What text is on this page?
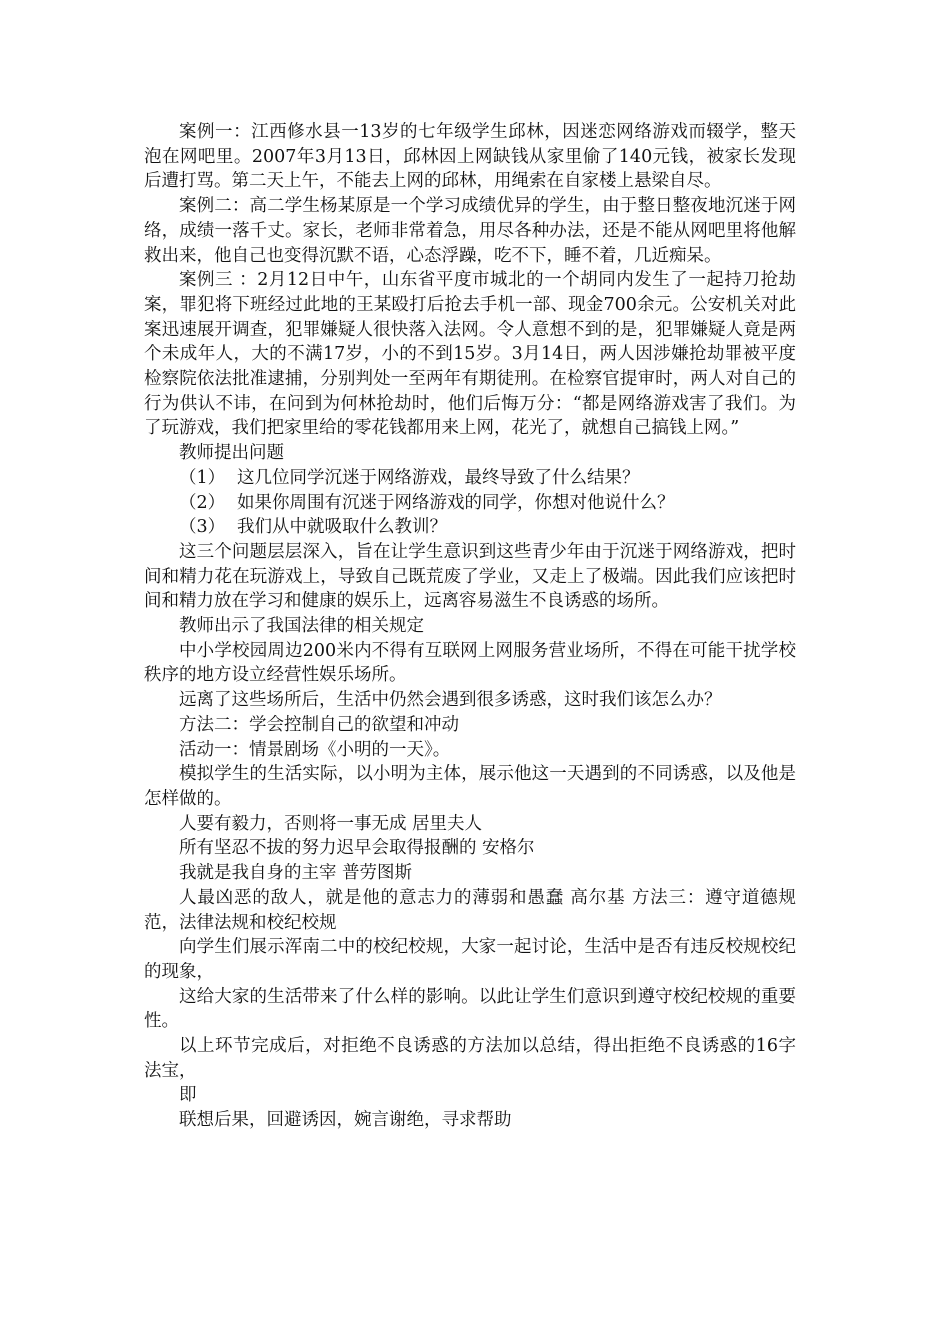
案例一：江西修水县一13岁的七年级学生邱林，因迷恋网络游戏而辍学，整天泡在网吧里。2007年3月13日，邱林因上网缺钱从家里偷了140元钱，被家长发现后遭打骂。第二天上午，不能去上网的邱林，用绳索在自家楼上悬梁自尽。

案例二：高二学生杨某原是一个学习成绩优异的学生，由于整日整夜地沉迷于网络，成绩一落千丈。家长，老师非常着急，用尽各种办法，还是不能从网吧里将他解救出来，他自己也变得沉默不语，心态浮躁，吃不下，睡不着，几近痴呆。

案例三 ：2月12日中午，山东省平度市城北的一个胡同内发生了一起持刀抢劫案，罪犯将下班经过此地的王某殴打后抢去手机一部、现金700余元。公安机关对此案迅速展开调查，犯罪嫌疑人很快落入法网。令人意想不到的是，犯罪嫌疑人竟是两个未成年人，大的不满17岁，小的不到15岁。3月14日，两人因涉嫌抢劫罪被平度检察院依法批准逮捕，分别判处一至两年有期徒刑。在检察官提审时，两人对自己的行为供认不讳，在问到为何林抢劫时，他们后悔万分：“都是网络游戏害了我们。为了玩游戏，我们把家里给的零花钱都用来上网，花光了，就想自己搞钱上网。”

教师提出问题

（1） 这几位同学沉迷于网络游戏，最终导致了什么结果？

（2） 如果你周围有沉迷于网络游戏的同学，你想对他说什么？

（3） 我们从中就吸取什么教训？

这三个问题层层深入，旨在让学生意识到这些青少年由于沉迷于网络游戏，把时间和精力花在玩游戏上，导致自己既荒废了学业，又走上了极端。因此我们应该把时间和精力放在学习和健康的娱乐上，远离容易滋生不良诱惑的场所。

教师出示了我国法律的相关规定

中小学校园周边200米内不得有互联网上网服务营业场所，不得在可能干扰学校秩序的地方设立经营性娱乐场所。

远离了这些场所后，生活中仍然会遇到很多诱惑，这时我们该怎么办？

方法二：学会控制自己的欲望和冲动

活动一：情景剧场《小明的一天》。

模拟学生的生活实际，以小明为主体，展示他这一天遇到的不同诱惑，以及他是怎样做的。

人要有毅力，否则将一事无成 居里夫人

所有坚忍不拔的努力迟早会取得报酬的 安格尔

我就是我自身的主宰 普劳图斯

人最凶恶的敌人，就是他的意志力的薄弱和愚蠢 高尔基 方法三：遵守道德规范，法律法规和校纪校规

向学生们展示浑南二中的校纪校规，大家一起讨论，生活中是否有违反校规校纪的现象，

这给大家的生活带来了什么样的影响。以此让学生们意识到遵守校纪校规的重要性。

以上环节完成后，对拒绝不良诱惑的方法加以总结，得出拒绝不良诱惑的16字法宝，

即

联想后果，回避诱因，婉言谢绝，寻求帮助
